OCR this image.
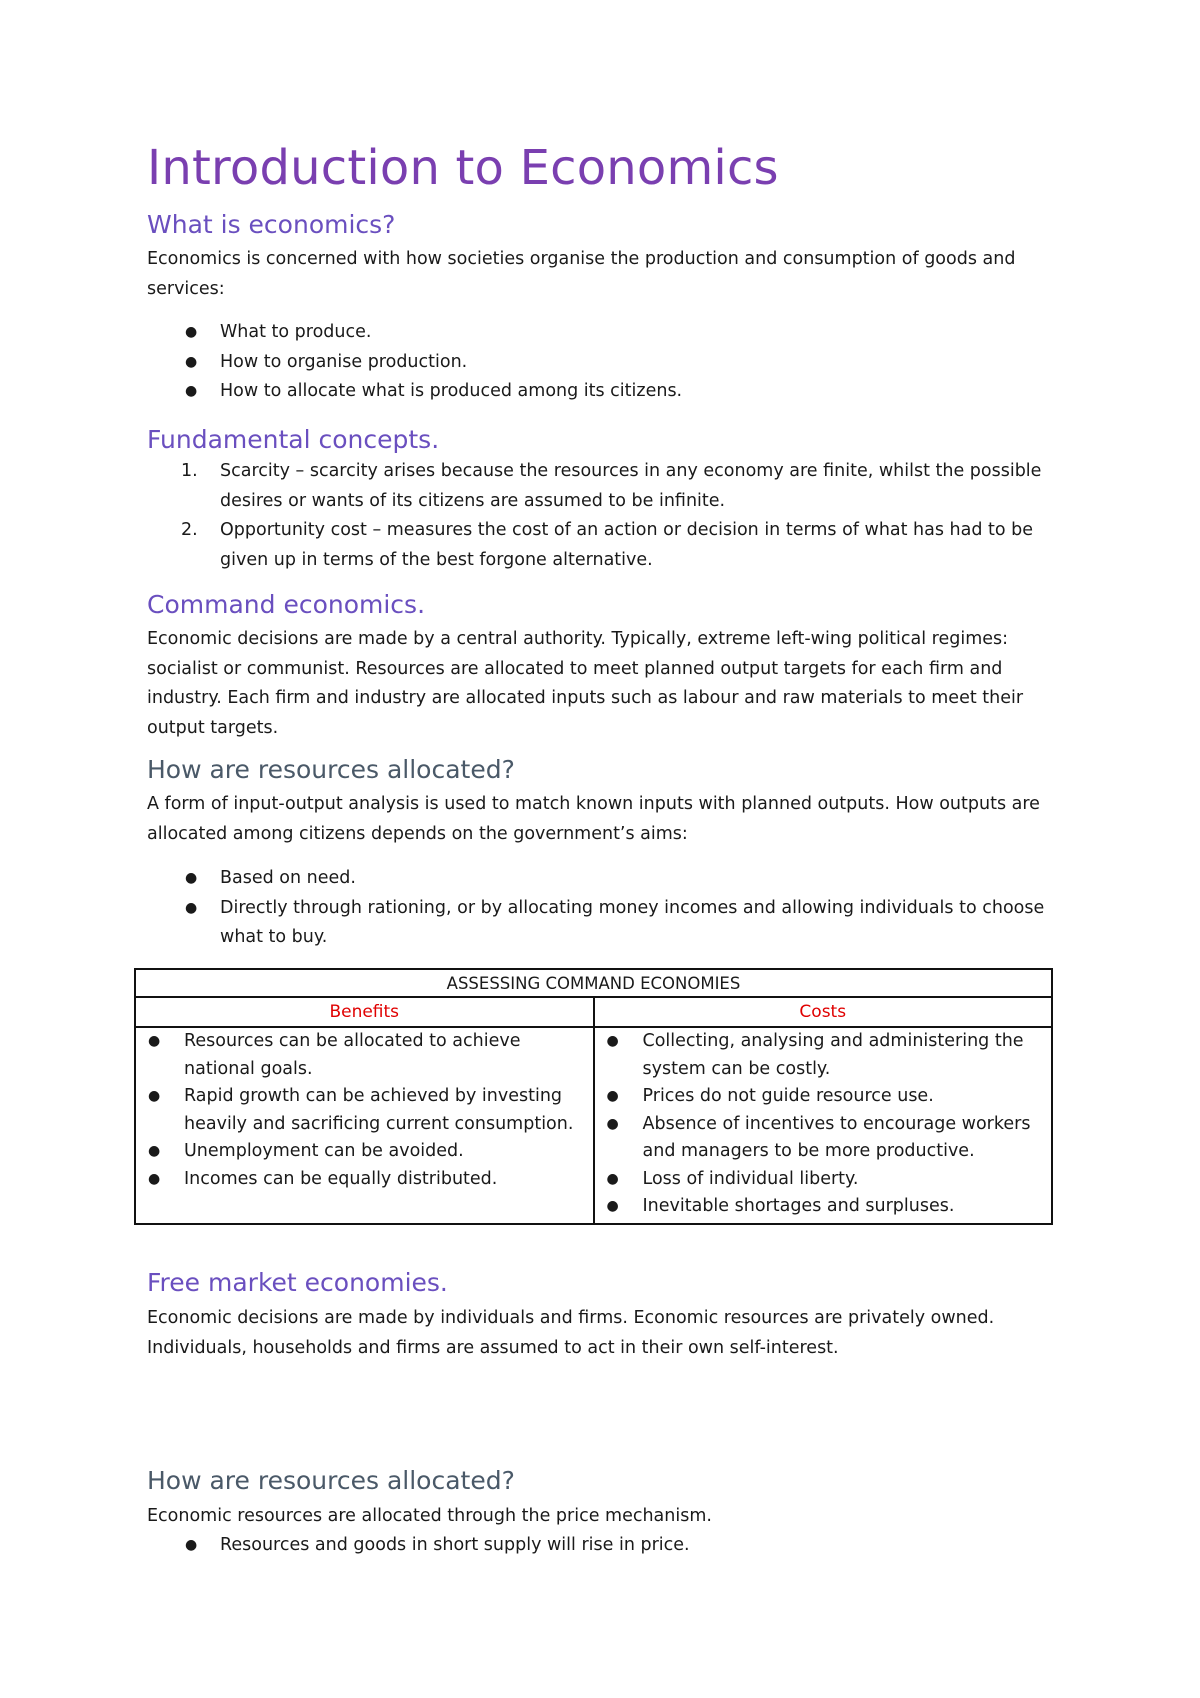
Introduction to Economics
What is economics?

Economics is concerned with how societies organise the production and consumption of goods and services:

● What to produce.
● How to organise production.
● How to allocate what is produced among its citizens.
Fundamental concepts.
1. Scarcity – scarcity arises because the resources in any economy are finite, whilst the possible desires or wants of its citizens are assumed to be infinite.
2. Opportunity cost – measures the cost of an action or decision in terms of what has had to be given up in terms of the best forgone alternative.
Command economics.

Economic decisions are made by a central authority. Typically, extreme left-wing political regimes: socialist or communist. Resources are allocated to meet planned output targets for each firm and industry. Each firm and industry are allocated inputs such as labour and raw materials to meet their output targets.

How are resources allocated?

A form of input-output analysis is used to match known inputs with planned outputs. How outputs are allocated among citizens depends on the government’s aims:

● Based on need.
● Directly through rationing, or by allocating money incomes and allowing individuals to choose what to buy.
ASSESSING COMMAND ECONOMIES
Benefits	Costs
● Resources can be allocated to achieve national goals.
● Rapid growth can be achieved by investing heavily and sacrificing current consumption.
● Unemployment can be avoided.
● Incomes can be equally distributed.
● Collecting, analysing and administering the system can be costly.
● Prices do not guide resource use.
● Absence of incentives to encourage workers and managers to be more productive.
● Loss of individual liberty.
● Inevitable shortages and surpluses.
Free market economies.

Economic decisions are made by individuals and firms. Economic resources are privately owned. Individuals, households and firms are assumed to act in their own self-interest.

How are resources allocated?

Economic resources are allocated through the price mechanism.

● Resources and goods in short supply will rise in price.
